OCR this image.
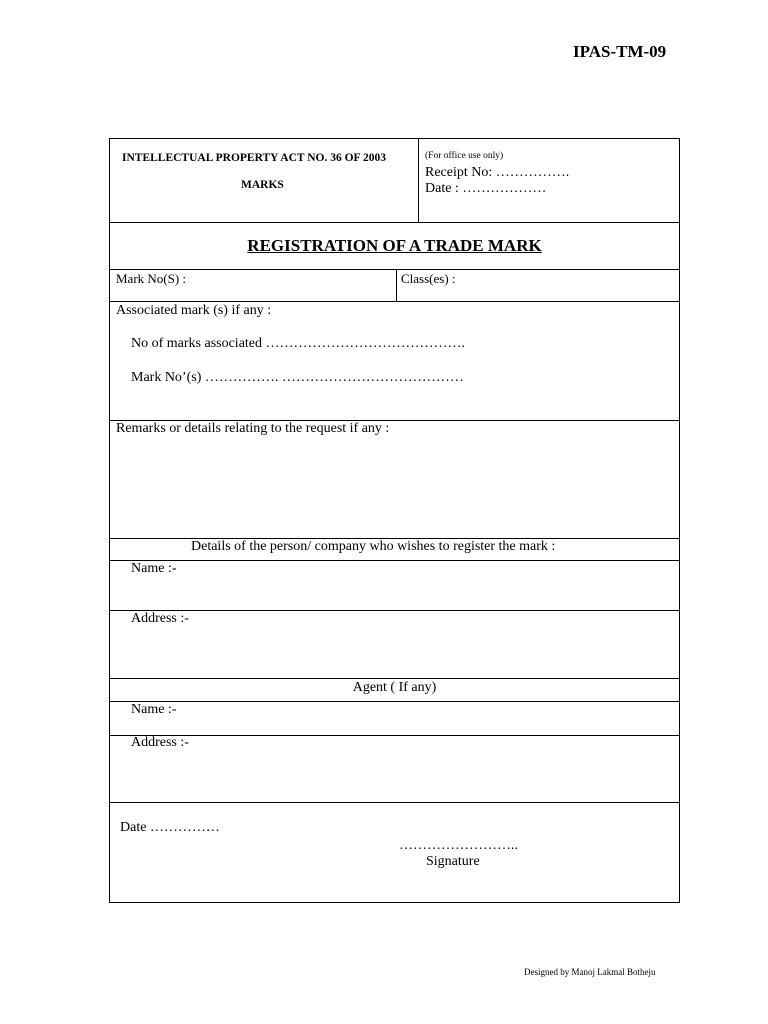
IPAS-TM-09
INTELLECTUAL PROPERTY ACT NO. 36 OF 2003
MARKS
(For office use only)
Receipt No: …………….
Date : ………………
REGISTRATION OF A TRADE MARK
Mark No(S) :	Class(es) :
Associated mark (s) if any :
No of marks associated …………………………………….
Mark No’(s) ……………. …………………………………
Remarks or details relating to the request if any :
Details of the person/ company who wishes to register the mark :
Name :-
Address :-
Agent ( If any)
Name :-
Address :-
Date ……………
……………………..
Signature
Designed by Manoj Lakmal Botheju
